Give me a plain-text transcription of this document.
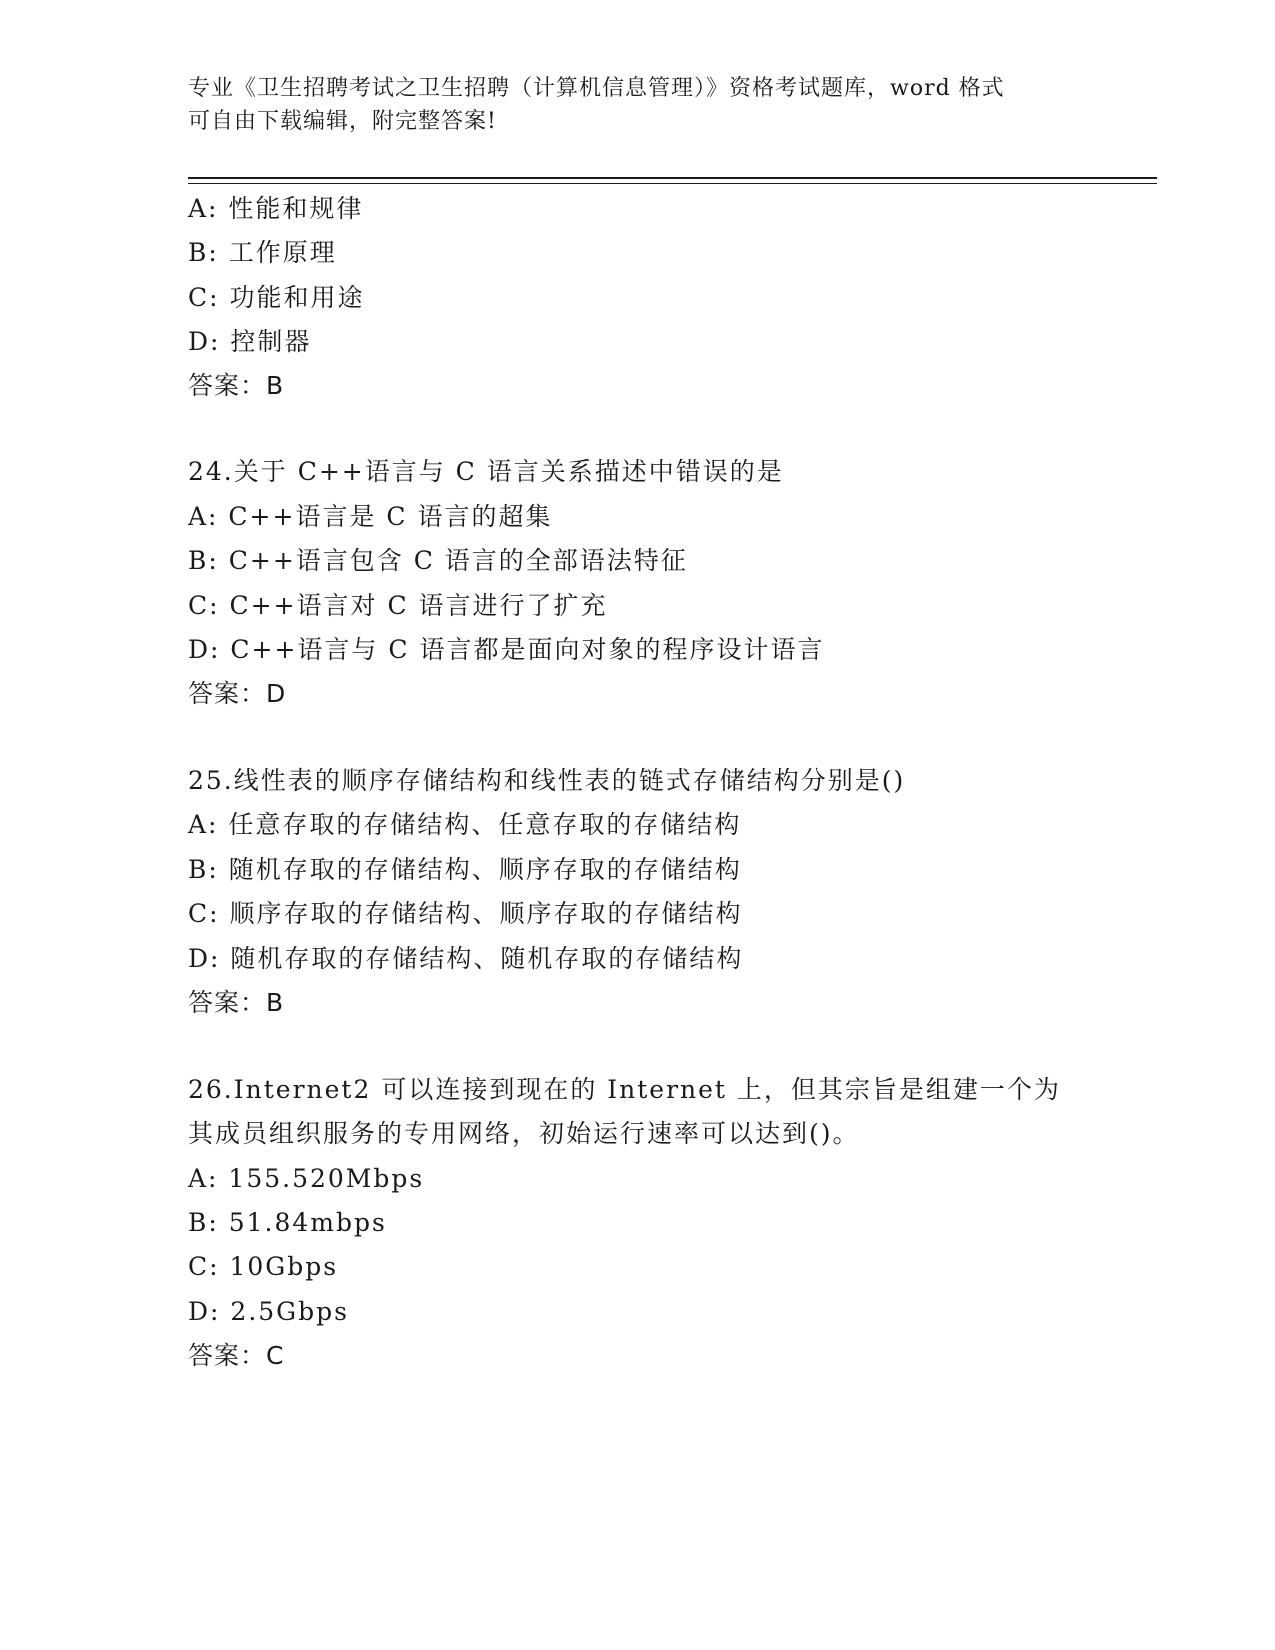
专业《卫生招聘考试之卫生招聘（计算机信息管理）》资格考试题库，word 格式
可自由下载编辑，附完整答案!
A: 性能和规律
B: 工作原理
C: 功能和用途
D: 控制器
答案：B
24.关于 C++语言与 C 语言关系描述中错误的是
A: C++语言是 C 语言的超集
B: C++语言包含 C 语言的全部语法特征
C: C++语言对 C 语言进行了扩充
D: C++语言与 C 语言都是面向对象的程序设计语言
答案：D
25.线性表的顺序存储结构和线性表的链式存储结构分别是()
A: 任意存取的存储结构、任意存取的存储结构
B: 随机存取的存储结构、顺序存取的存储结构
C: 顺序存取的存储结构、顺序存取的存储结构
D: 随机存取的存储结构、随机存取的存储结构
答案：B
26.Internet2 可以连接到现在的 Internet 上，但其宗旨是组建一个为
其成员组织服务的专用网络，初始运行速率可以达到()。
A: 155.520Mbps
B: 51.84mbps
C: 10Gbps
D: 2.5Gbps
答案：C
